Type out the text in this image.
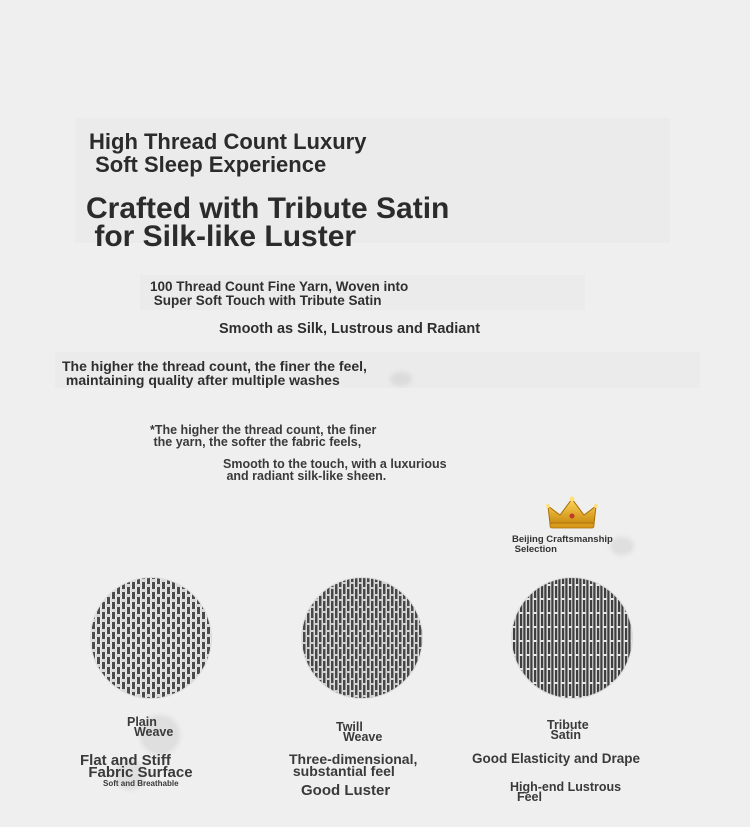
High Thread Count Luxury
Soft Sleep Experience
Crafted with Tribute Satin
for Silk-like Luster
100 Thread Count Fine Yarn, Woven into
Super Soft Touch with Tribute Satin
Smooth as Silk, Lustrous and Radiant
The higher the thread count, the finer the feel,
maintaining quality after multiple washes
*The higher the thread count, the finer
the yarn, the softer the fabric feels,
Smooth to the touch, with a luxurious
and radiant silk-like sheen.
Beijing Craftsmanship
Selection
Plain
Weave
Flat and Stiff
Fabric Surface
Soft and Breathable
Twill
Weave
Three-dimensional,
substantial feel
Good Luster
Tribute
Satin
Good Elasticity and Drape
High-end Lustrous
Feel
